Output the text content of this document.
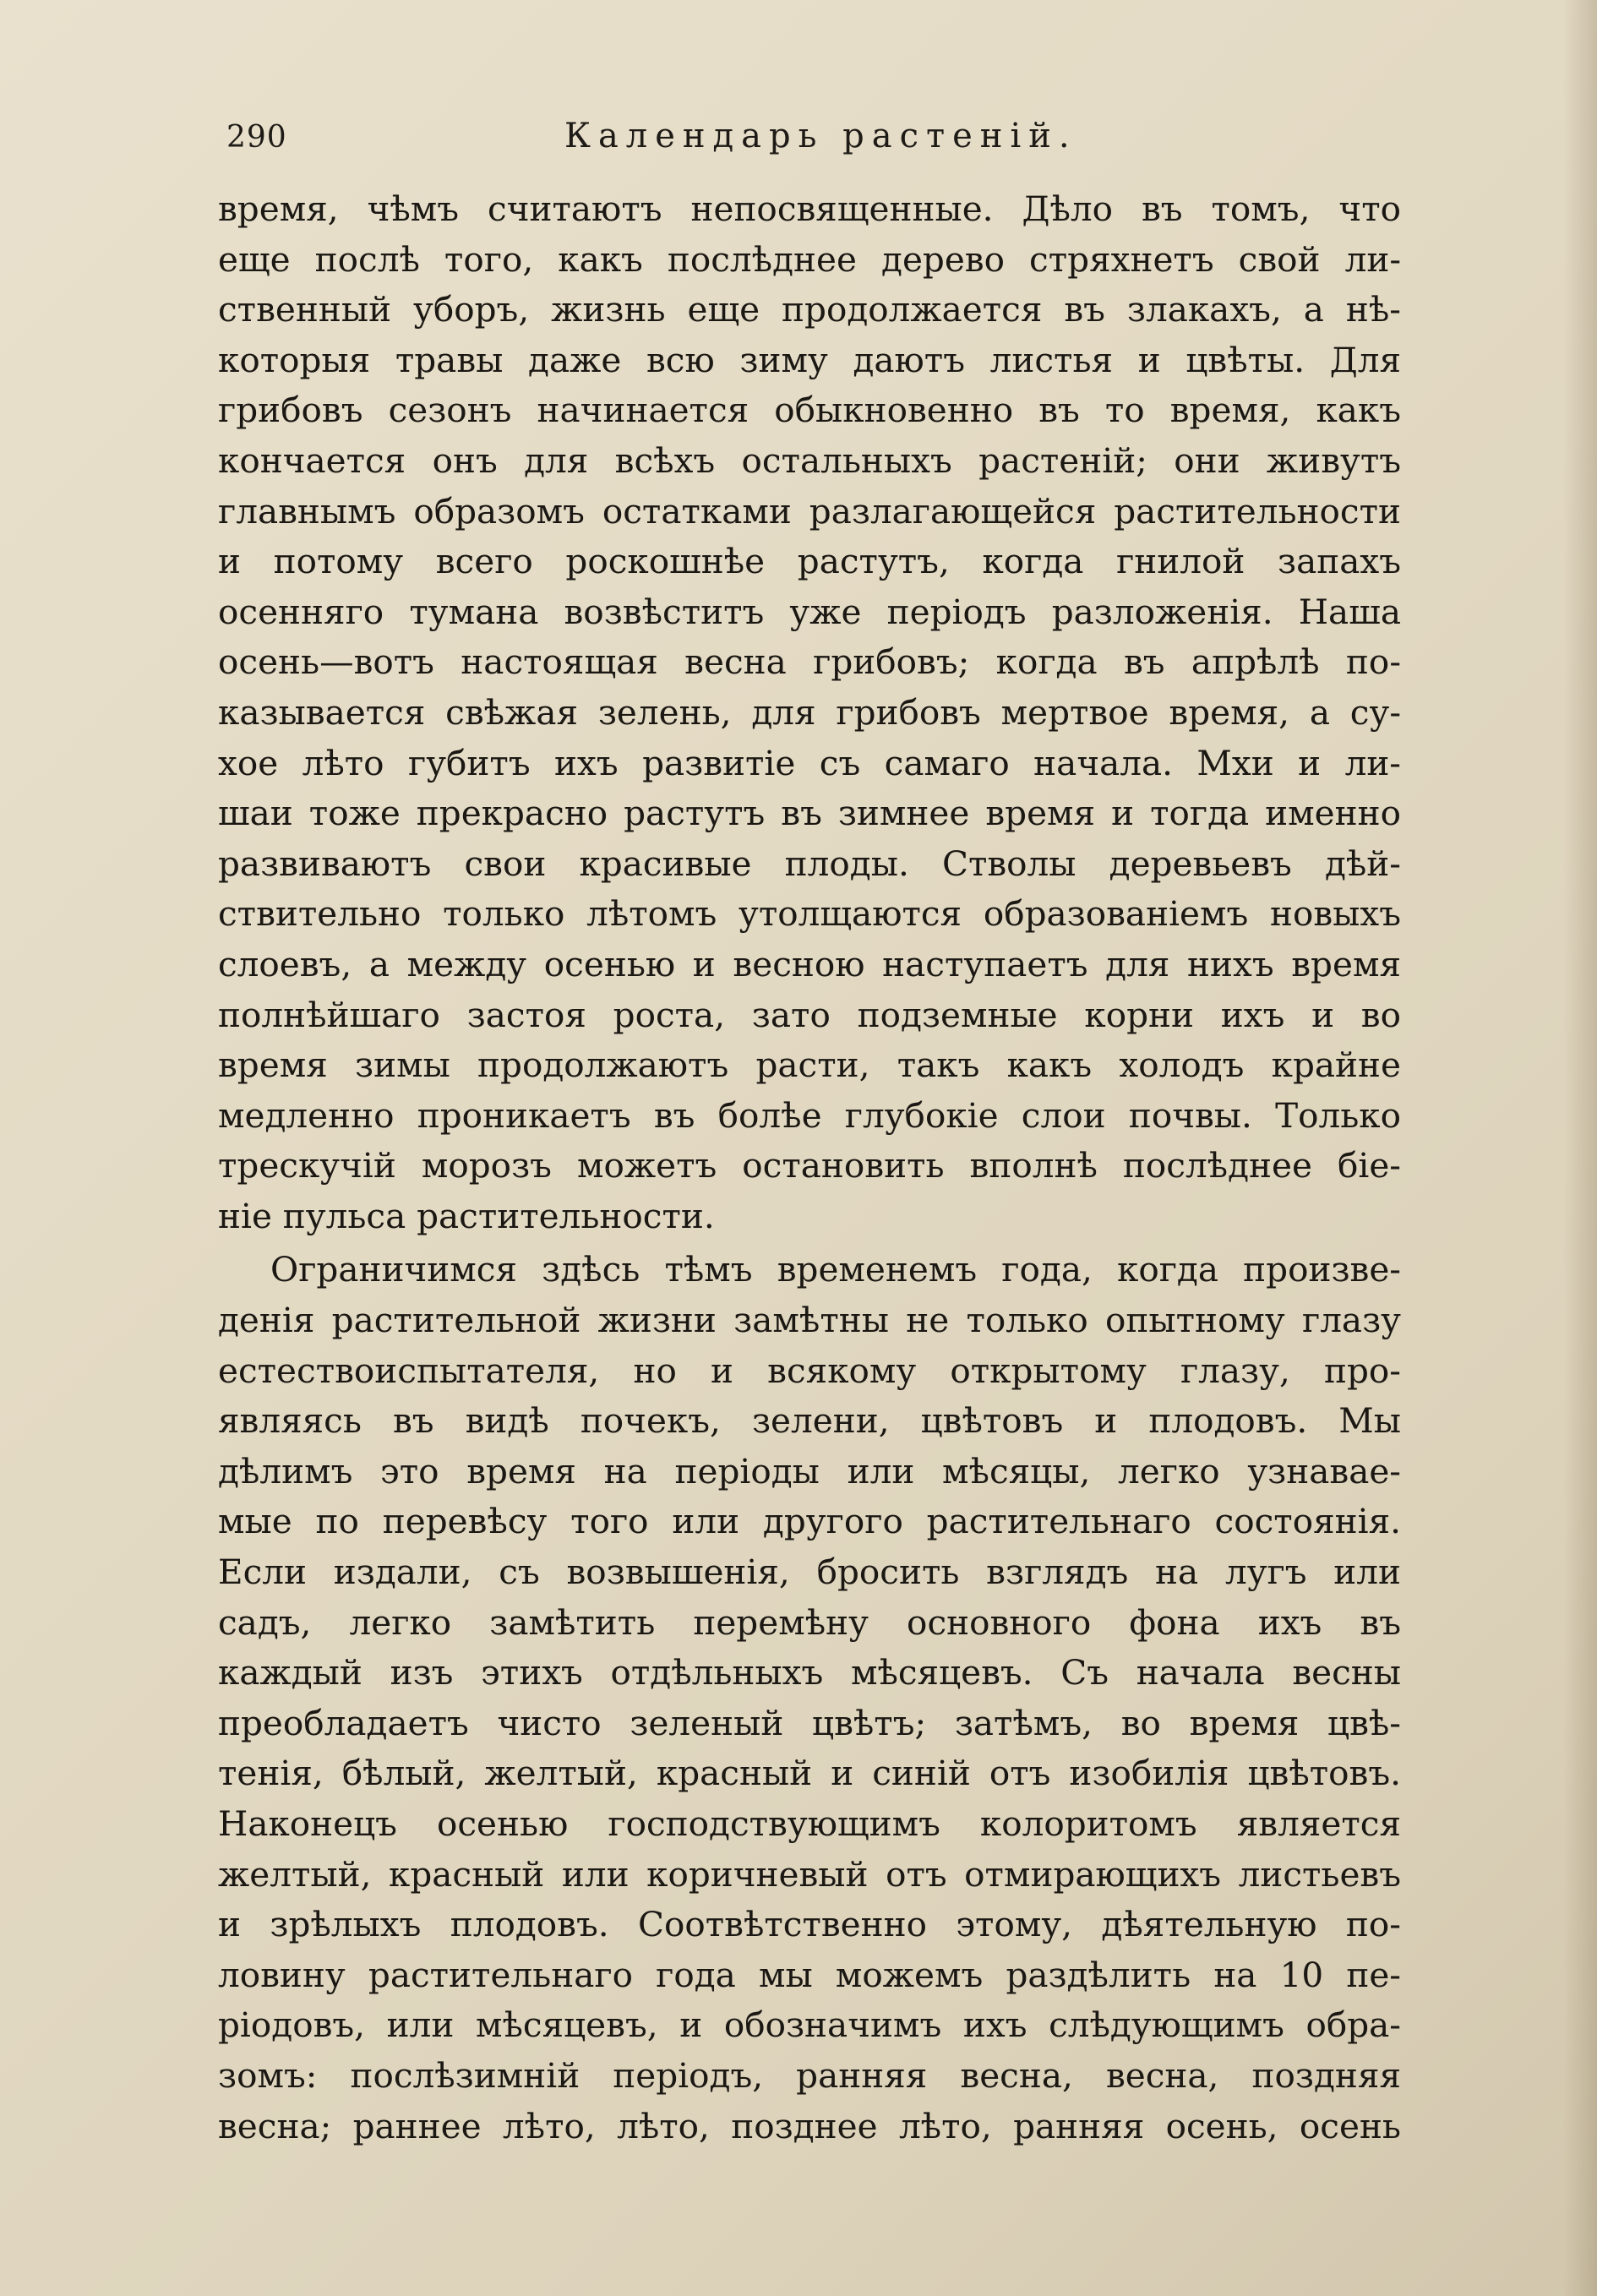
290	Календарь растеній.
время, чѣмъ считаютъ непосвященные. Дѣло въ томъ, что
еще послѣ того, какъ послѣднее дерево стряхнетъ свой ли-
ственный уборъ, жизнь еще продолжается въ злакахъ, а нѣ-
которыя травы даже всю зиму даютъ листья и цвѣты. Для
грибовъ сезонъ начинается обыкновенно въ то время, какъ
кончается онъ для всѣхъ остальныхъ растеній; они живутъ
главнымъ образомъ остатками разлагающейся растительности
и потому всего роскошнѣе растутъ, когда гнилой запахъ
осенняго тумана возвѣститъ уже періодъ разложенія. Наша
осень—вотъ настоящая весна грибовъ; когда въ апрѣлѣ по-
казывается свѣжая зелень, для грибовъ мертвое время, а су-
хое лѣто губитъ ихъ развитіе съ самаго начала. Мхи и ли-
шаи тоже прекрасно растутъ въ зимнее время и тогда именно
развиваютъ свои красивые плоды. Стволы деревьевъ дѣй-
ствительно только лѣтомъ утолщаются образованіемъ новыхъ
слоевъ, а между осенью и весною наступаетъ для нихъ время
полнѣйшаго застоя роста, зато подземные корни ихъ и во
время зимы продолжаютъ расти, такъ какъ холодъ крайне
медленно проникаетъ въ болѣе глубокіе слои почвы. Только
трескучій морозъ можетъ остановить вполнѣ послѣднее біе-
ніе пульса растительности.
Ограничимся здѣсь тѣмъ временемъ года, когда произве-
денія растительной жизни замѣтны не только опытному глазу
естествоиспытателя, но и всякому открытому глазу, про-
являясь въ видѣ почекъ, зелени, цвѣтовъ и плодовъ. Мы
дѣлимъ это время на періоды или мѣсяцы, легко узнавае-
мые по перевѣсу того или другого растительнаго состоянія.
Если издали, съ возвышенія, бросить взглядъ на лугъ или
садъ, легко замѣтить перемѣну основного фона ихъ въ
каждый изъ этихъ отдѣльныхъ мѣсяцевъ. Съ начала весны
преобладаетъ чисто зеленый цвѣтъ; затѣмъ, во время цвѣ-
тенія, бѣлый, желтый, красный и синій отъ изобилія цвѣтовъ.
Наконецъ осенью господствующимъ колоритомъ является
желтый, красный или коричневый отъ отмирающихъ листьевъ
и зрѣлыхъ плодовъ. Соотвѣтственно этому, дѣятельную по-
ловину растительнаго года мы можемъ раздѣлить на 10 пе-
ріодовъ, или мѣсяцевъ, и обозначимъ ихъ слѣдующимъ обра-
зомъ: послѣзимній періодъ, ранняя весна, весна, поздняя
весна; раннее лѣто, лѣто, позднее лѣто, ранняя осень, осень
